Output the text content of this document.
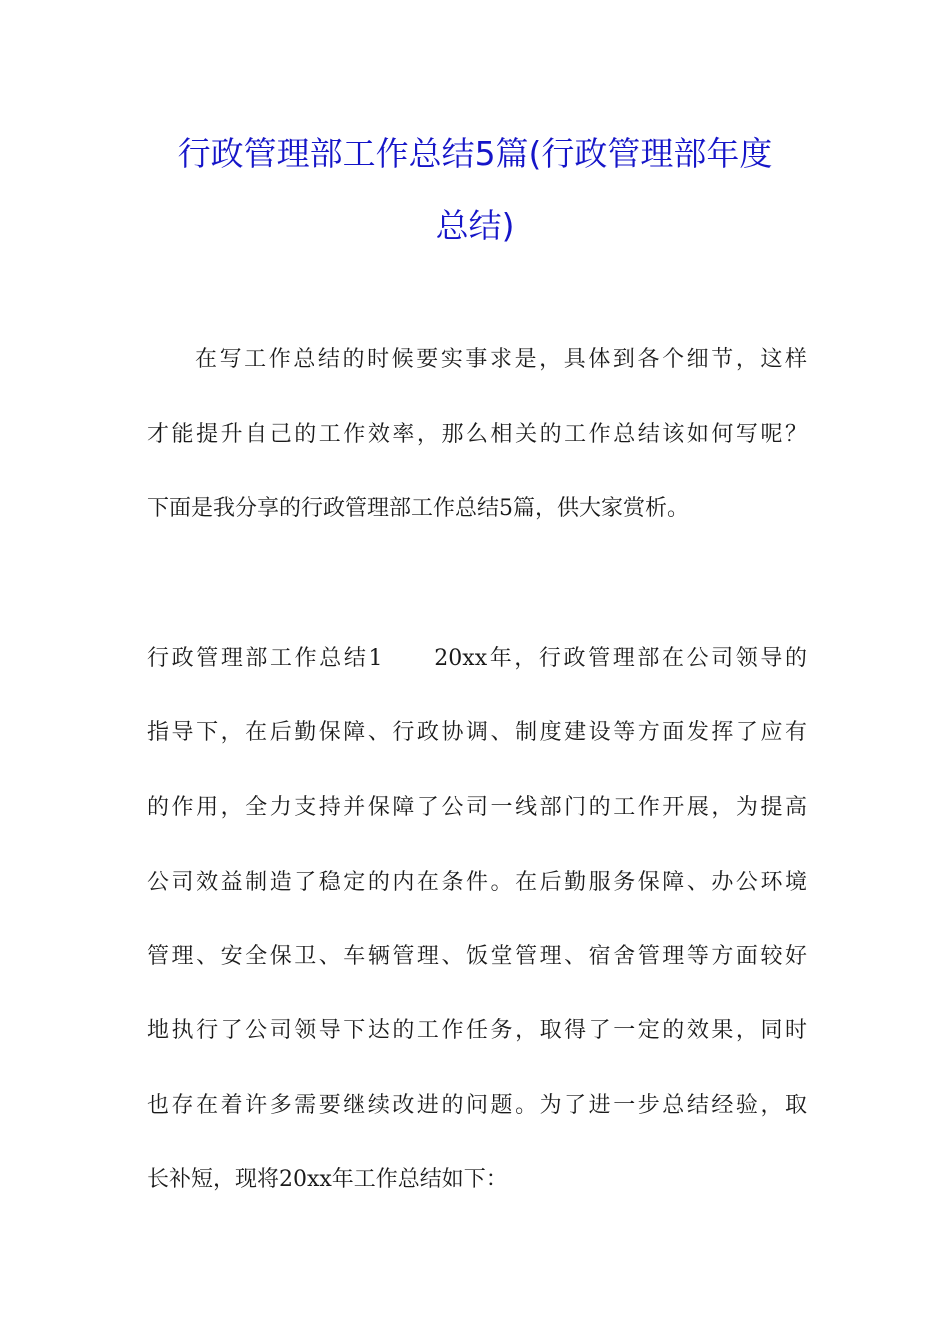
行政管理部工作总结5篇(行政管理部年度
总结)
在写工作总结的时候要实事求是，具体到各个细节，这样
才能提升自己的工作效率，那么相关的工作总结该如何写呢？
下面是我分享的行政管理部工作总结5篇，供大家赏析。
行政管理部工作总结1　　20xx年，行政管理部在公司领导的
指导下，在后勤保障、行政协调、制度建设等方面发挥了应有
的作用，全力支持并保障了公司一线部门的工作开展，为提高
公司效益制造了稳定的内在条件。在后勤服务保障、办公环境
管理、安全保卫、车辆管理、饭堂管理、宿舍管理等方面较好
地执行了公司领导下达的工作任务，取得了一定的效果，同时
也存在着许多需要继续改进的问题。为了进一步总结经验，取
长补短，现将20xx年工作总结如下：
